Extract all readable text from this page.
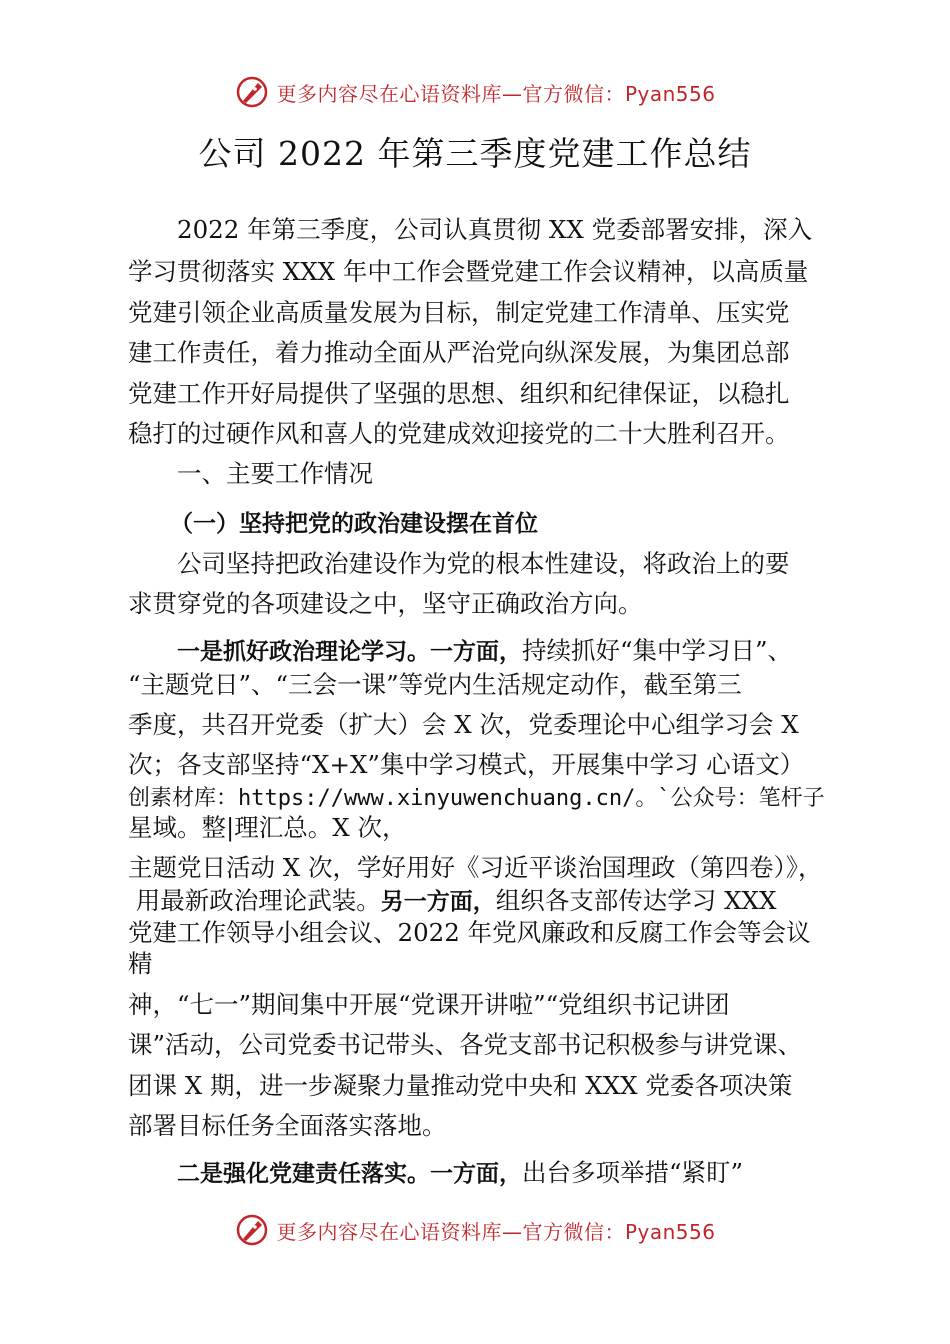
更多内容尽在心语资料库—官方微信：Pyan556
公司 2022 年第三季度党建工作总结
2022 年第三季度，公司认真贯彻 XX 党委部署安排，深入
学习贯彻落实 XXX 年中工作会暨党建工作会议精神，以高质量
党建引领企业高质量发展为目标，制定党建工作清单、压实党
建工作责任，着力推动全面从严治党向纵深发展，为集团总部
党建工作开好局提供了坚强的思想、组织和纪律保证，以稳扎
稳打的过硬作风和喜人的党建成效迎接党的二十大胜利召开。
一、主要工作情况
（一）坚持把党的政治建设摆在首位
公司坚持把政治建设作为党的根本性建设，将政治上的要
求贯穿党的各项建设之中，坚守正确政治方向。
一是抓好政治理论学习。一方面，持续抓好“集中学习日”、
“主题党日”、“三会一课”等党内生活规定动作，截至第三
季度，共召开党委（扩大）会 X 次，党委理论中心组学习会 X
次；各支部坚持“X+X”集中学习模式，开展集中学习 心语文）
创素材库：https://www.xinyuwenchuang.cn/。`公众号：笔杆子
星域。整|理汇总。X 次，
主题党日活动 X 次，学好用好《习近平谈治国理政（第四卷）》，
用最新政治理论武装。另一方面，组织各支部传达学习 XXX
党建工作领导小组会议、2022 年党风廉政和反腐工作会等会议
精
神，“七一”期间集中开展“党课开讲啦”“党组织书记讲团
课”活动，公司党委书记带头、各党支部书记积极参与讲党课、
团课 X 期，进一步凝聚力量推动党中央和 XXX 党委各项决策
部署目标任务全面落实落地。
二是强化党建责任落实。一方面，出台多项举措“紧盯”
更多内容尽在心语资料库—官方微信：Pyan556
